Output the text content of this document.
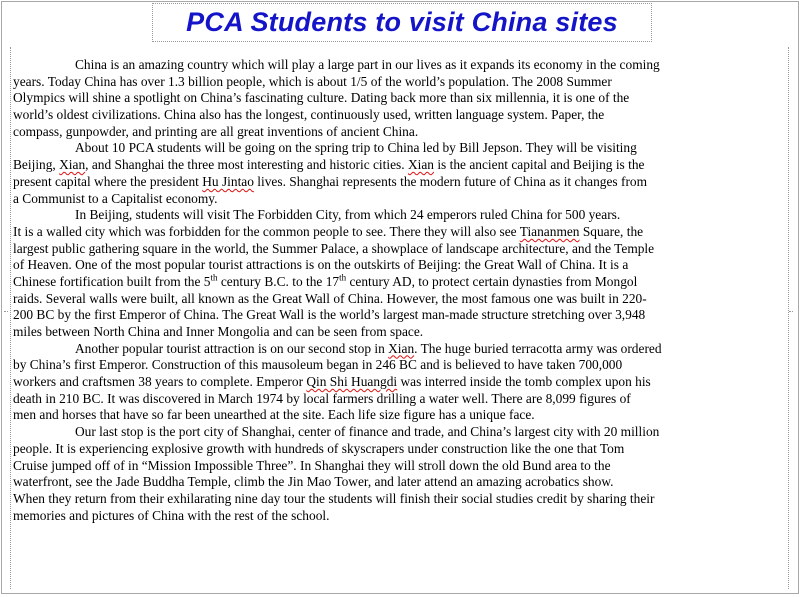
PCA Students to visit China sites
China is an amazing country which will play a large part in our lives as it expands its economy in the coming
years. Today China has over 1.3 billion people, which is about 1/5 of the world’s population. The 2008 Summer
Olympics will shine a spotlight on China’s fascinating culture. Dating back more than six millennia, it is one of the
world’s oldest civilizations. China also has the longest, continuously used, written language system. Paper, the
compass, gunpowder, and printing are all great inventions of ancient China.
About 10 PCA students will be going on the spring trip to China led by Bill Jepson. They will be visiting
Beijing, Xian, and Shanghai the three most interesting and historic cities. Xian is the ancient capital and Beijing is the
present capital where the president Hu Jintao lives. Shanghai represents the modern future of China as it changes from
a Communist to a Capitalist economy.
In Beijing, students will visit The Forbidden City, from which 24 emperors ruled China for 500 years.
It is a walled city which was forbidden for the common people to see. There they will also see Tiananmen Square, the
largest public gathering square in the world, the Summer Palace, a showplace of landscape architecture, and the Temple
of Heaven. One of the most popular tourist attractions is on the outskirts of Beijing: the Great Wall of China. It is a
Chinese fortification built from the 5th century B.C. to the 17th century AD, to protect certain dynasties from Mongol
raids. Several walls were built, all known as the Great Wall of China. However, the most famous one was built in 220-
200 BC by the first Emperor of China. The Great Wall is the world’s largest man-made structure stretching over 3,948
miles between North China and Inner Mongolia and can be seen from space.
Another popular tourist attraction is on our second stop in Xian. The huge buried terracotta army was ordered
by China’s first Emperor. Construction of this mausoleum began in 246 BC and is believed to have taken 700,000
workers and craftsmen 38 years to complete. Emperor Qin Shi Huangdi was interred inside the tomb complex upon his
death in 210 BC. It was discovered in March 1974 by local farmers drilling a water well. There are 8,099 figures of
men and horses that have so far been unearthed at the site. Each life size figure has a unique face.
Our last stop is the port city of Shanghai, center of finance and trade, and China’s largest city with 20 million
people. It is experiencing explosive growth with hundreds of skyscrapers under construction like the one that Tom
Cruise jumped off of in “Mission Impossible Three”. In Shanghai they will stroll down the old Bund area to the
waterfront, see the Jade Buddha Temple, climb the Jin Mao Tower, and later attend an amazing acrobatics show.
When they return from their exhilarating nine day tour the students will finish their social studies credit by sharing their
memories and pictures of China with the rest of the school.
